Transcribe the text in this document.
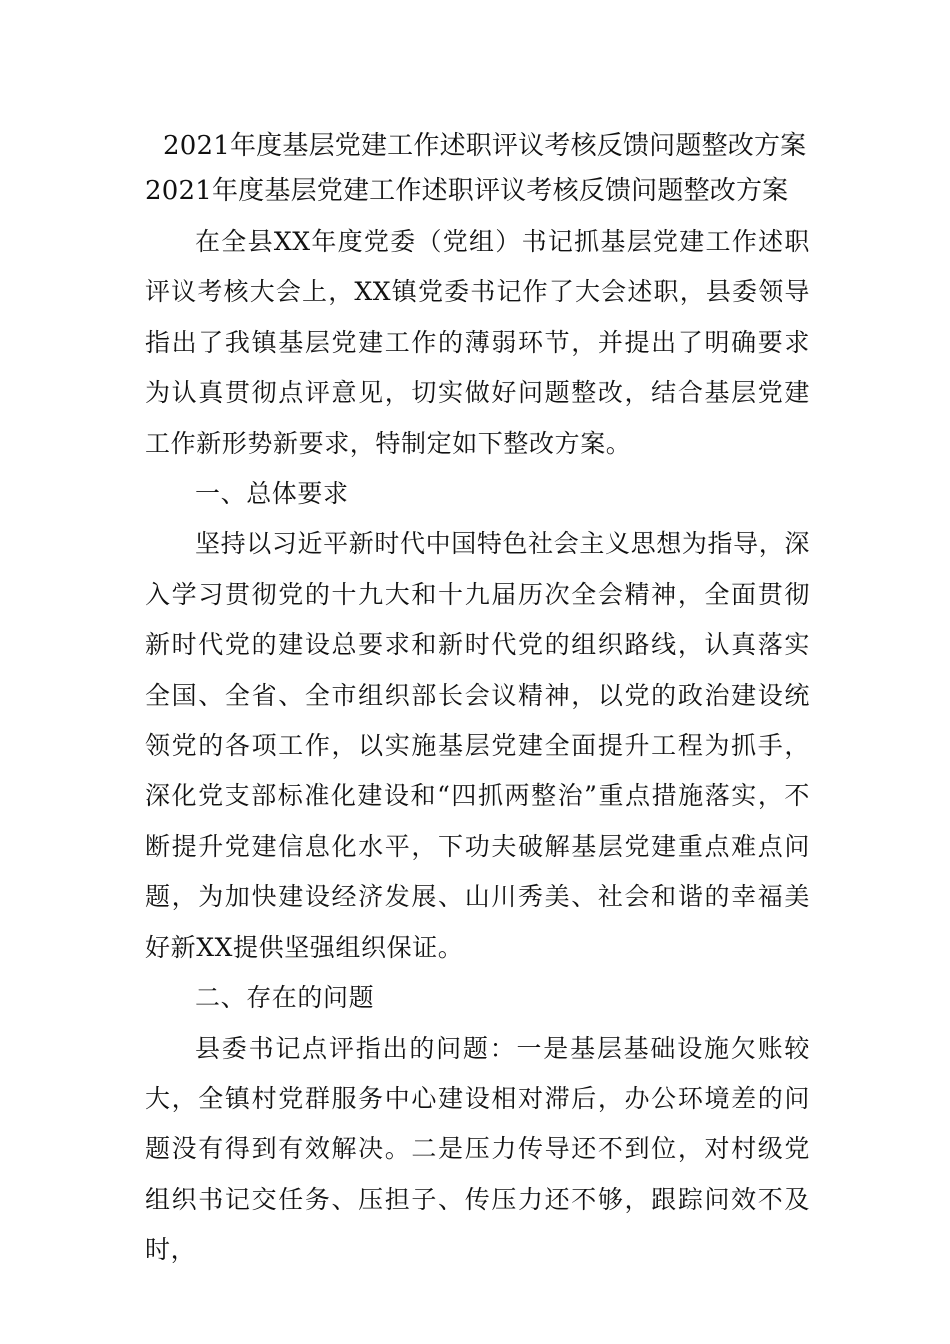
2021年度基层党建工作述职评议考核反馈问题整改方案
2021年度基层党建工作述职评议考核反馈问题整改方案

在全县XX年度党委（党组）书记抓基层党建工作述职评议考核大会上，XX镇党委书记作了大会述职，县委领导指出了我镇基层党建工作的薄弱环节，并提出了明确要求为认真贯彻点评意见，切实做好问题整改，结合基层党建工作新形势新要求，特制定如下整改方案。

一、总体要求

坚持以习近平新时代中国特色社会主义思想为指导，深入学习贯彻党的十九大和十九届历次全会精神，全面贯彻新时代党的建设总要求和新时代党的组织路线，认真落实全国、全省、全市组织部长会议精神，以党的政治建设统领党的各项工作，以实施基层党建全面提升工程为抓手，深化党支部标准化建设和“四抓两整治”重点措施落实，不断提升党建信息化水平，下功夫破解基层党建重点难点问题，为加快建设经济发展、山川秀美、社会和谐的幸福美好新XX提供坚强组织保证。

二、存在的问题

县委书记点评指出的问题：一是基层基础设施欠账较大，全镇村党群服务中心建设相对滞后，办公环境差的问题没有得到有效解决。二是压力传导还不到位，对村级党组织书记交任务、压担子、传压力还不够，跟踪问效不及时，
